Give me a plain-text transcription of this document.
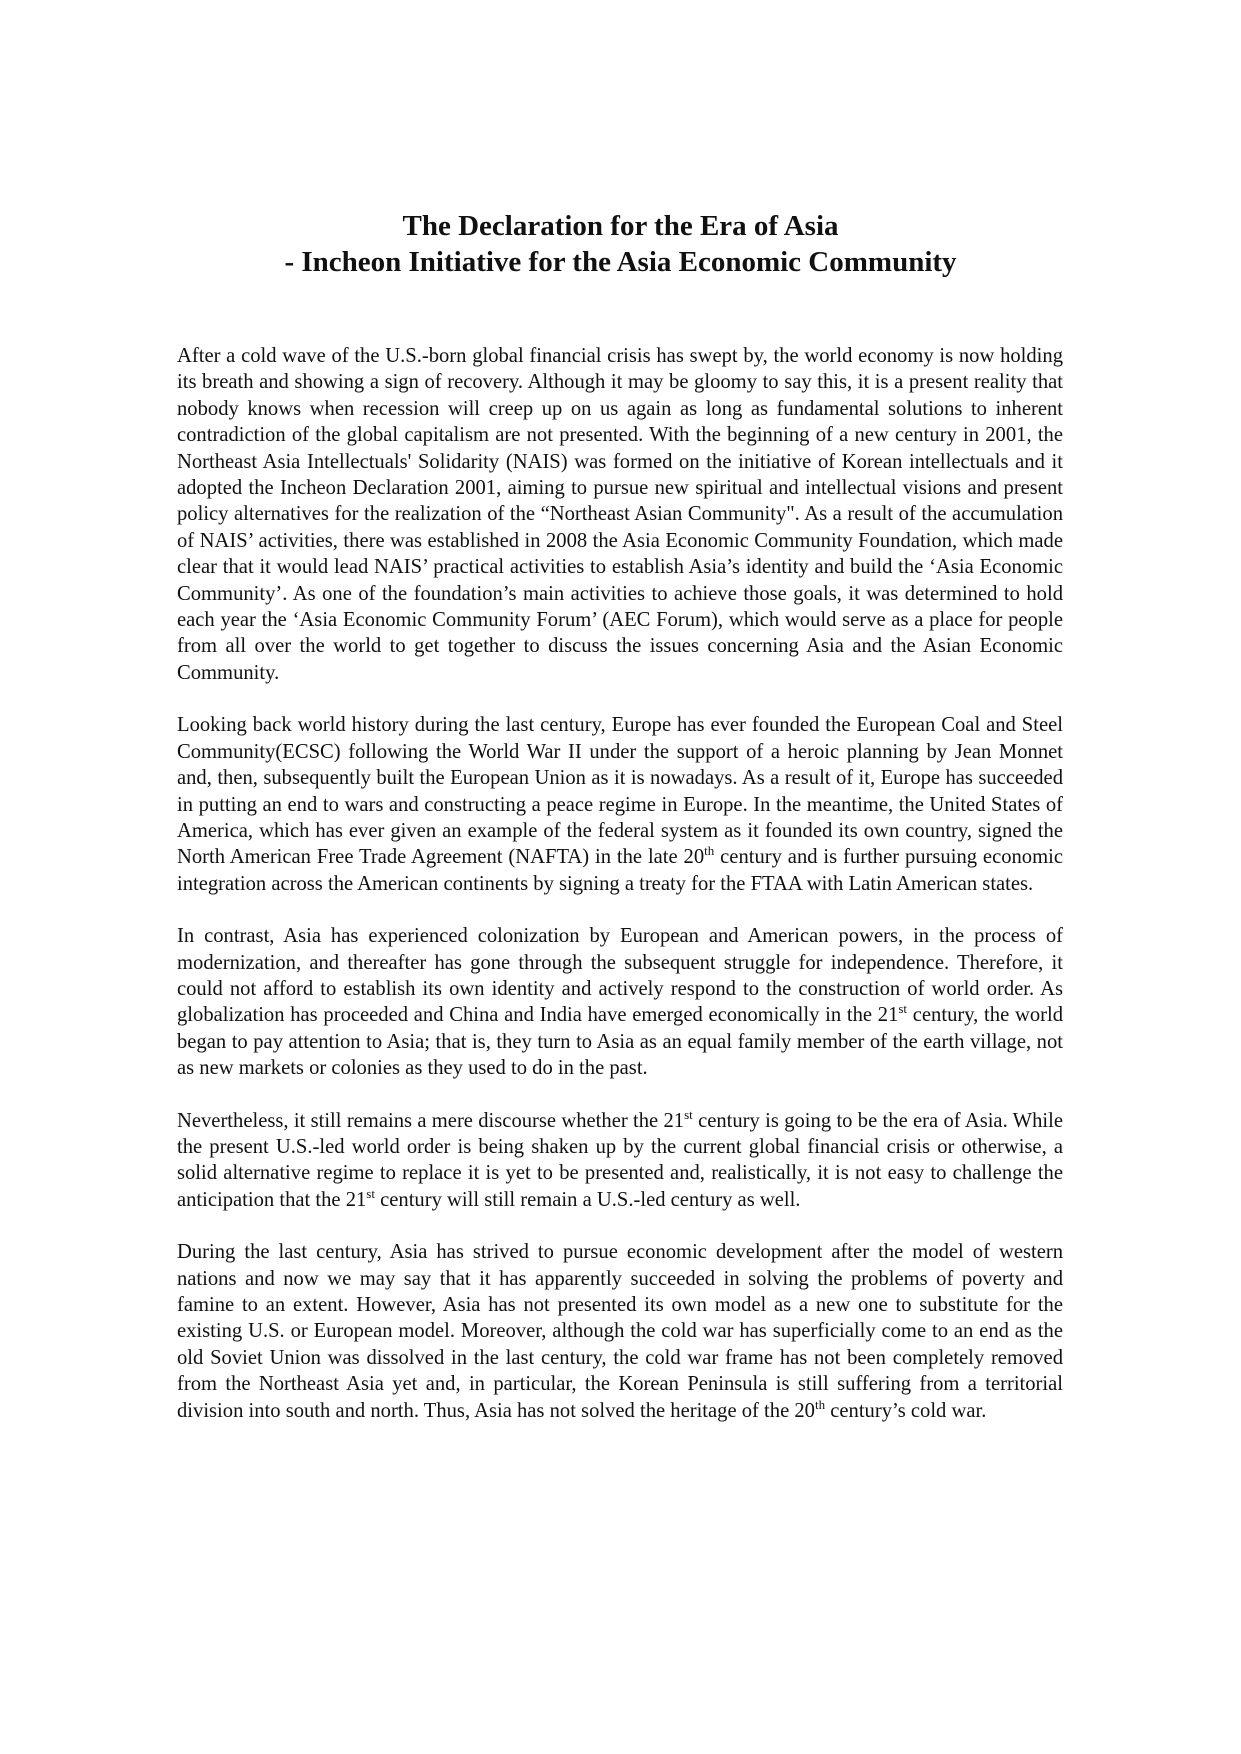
The Declaration for the Era of Asia
- Incheon Initiative for the Asia Economic Community

After a cold wave of the U.S.-born global financial crisis has swept by, the world economy is now holding its breath and showing a sign of recovery. Although it may be gloomy to say this, it is a present reality that nobody knows when recession will creep up on us again as long as fundamental solutions to inherent contradiction of the global capitalism are not presented. With the beginning of a new century in 2001, the Northeast Asia Intellectuals' Solidarity (NAIS) was formed on the initiative of Korean intellectuals and it adopted the Incheon Declaration 2001, aiming to pursue new spiritual and intellectual visions and present policy alternatives for the realization of the “Northeast Asian Community". As a result of the accumulation of NAIS’ activities, there was established in 2008 the Asia Economic Community Foundation, which made clear that it would lead NAIS’ practical activities to establish Asia’s identity and build the ‘Asia Economic Community’. As one of the foundation’s main activities to achieve those goals, it was determined to hold each year the ‘Asia Economic Community Forum’ (AEC Forum), which would serve as a place for people from all over the world to get together to discuss the issues concerning Asia and the Asian Economic Community.

Looking back world history during the last century, Europe has ever founded the European Coal and Steel Community(ECSC) following the World War II under the support of a heroic planning by Jean Monnet and, then, subsequently built the European Union as it is nowadays. As a result of it, Europe has succeeded in putting an end to wars and constructing a peace regime in Europe. In the meantime, the United States of America, which has ever given an example of the federal system as it founded its own country, signed the North American Free Trade Agreement (NAFTA) in the late 20th century and is further pursuing economic integration across the American continents by signing a treaty for the FTAA with Latin American states.

In contrast, Asia has experienced colonization by European and American powers, in the process of modernization, and thereafter has gone through the subsequent struggle for independence. Therefore, it could not afford to establish its own identity and actively respond to the construction of world order. As globalization has proceeded and China and India have emerged economically in the 21st century, the world began to pay attention to Asia; that is, they turn to Asia as an equal family member of the earth village, not as new markets or colonies as they used to do in the past.

Nevertheless, it still remains a mere discourse whether the 21st century is going to be the era of Asia. While the present U.S.-led world order is being shaken up by the current global financial crisis or otherwise, a solid alternative regime to replace it is yet to be presented and, realistically, it is not easy to challenge the anticipation that the 21st century will still remain a U.S.-led century as well.

During the last century, Asia has strived to pursue economic development after the model of western nations and now we may say that it has apparently succeeded in solving the problems of poverty and famine to an extent. However, Asia has not presented its own model as a new one to substitute for the existing U.S. or European model. Moreover, although the cold war has superficially come to an end as the old Soviet Union was dissolved in the last century, the cold war frame has not been completely removed from the Northeast Asia yet and, in particular, the Korean Peninsula is still suffering from a territorial division into south and north. Thus, Asia has not solved the heritage of the 20th century’s cold war.
